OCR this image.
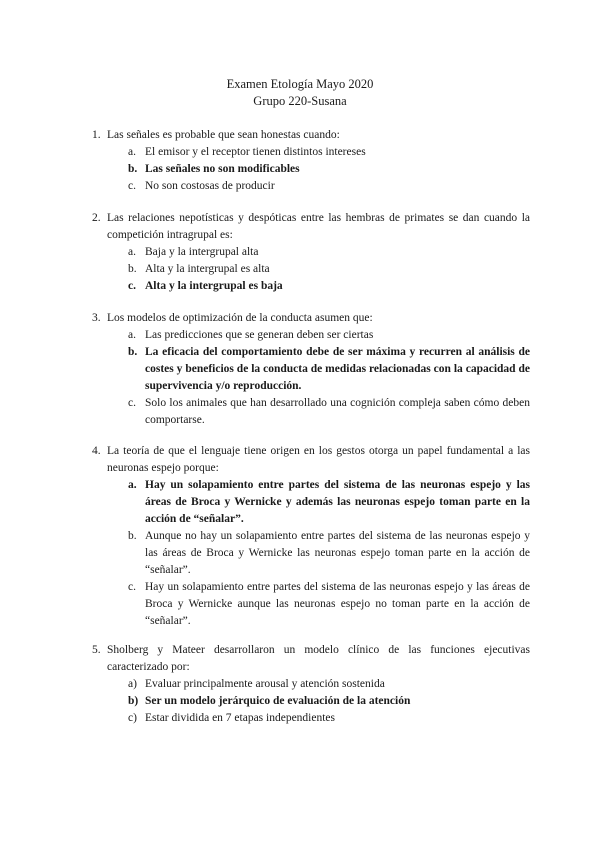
Examen Etología Mayo 2020
Grupo 220-Susana
1. Las señales es probable que sean honestas cuando:
a. El emisor y el receptor tienen distintos intereses
b. Las señales no son modificables
c. No son costosas de producir
2. Las relaciones nepotísticas y despóticas entre las hembras de primates se dan cuando la competición intragrupal es:
a. Baja y la intergrupal alta
b. Alta y la intergrupal es alta
c. Alta y la intergrupal es baja
3. Los modelos de optimización de la conducta asumen que:
a. Las predicciones que se generan deben ser ciertas
b. La eficacia del comportamiento debe de ser máxima y recurren al análisis de costes y beneficios de la conducta de medidas relacionadas con la capacidad de supervivencia y/o reproducción.
c. Solo los animales que han desarrollado una cognición compleja saben cómo deben comportarse.
4. La teoría de que el lenguaje tiene origen en los gestos otorga un papel fundamental a las neuronas espejo porque:
a. Hay un solapamiento entre partes del sistema de las neuronas espejo y las áreas de Broca y Wernicke y además las neuronas espejo toman parte en la acción de “señalar”.
b. Aunque no hay un solapamiento entre partes del sistema de las neuronas espejo y las áreas de Broca y Wernicke las neuronas espejo toman parte en la acción de “señalar”.
c. Hay un solapamiento entre partes del sistema de las neuronas espejo y las áreas de Broca y Wernicke aunque las neuronas espejo no toman parte en la acción de “señalar”.
5. Sholberg y Mateer desarrollaron un modelo clínico de las funciones ejecutivas caracterizado por:
a) Evaluar principalmente arousal y atención sostenida
b) Ser un modelo jerárquico de evaluación de la atención
c) Estar dividida en 7 etapas independientes
